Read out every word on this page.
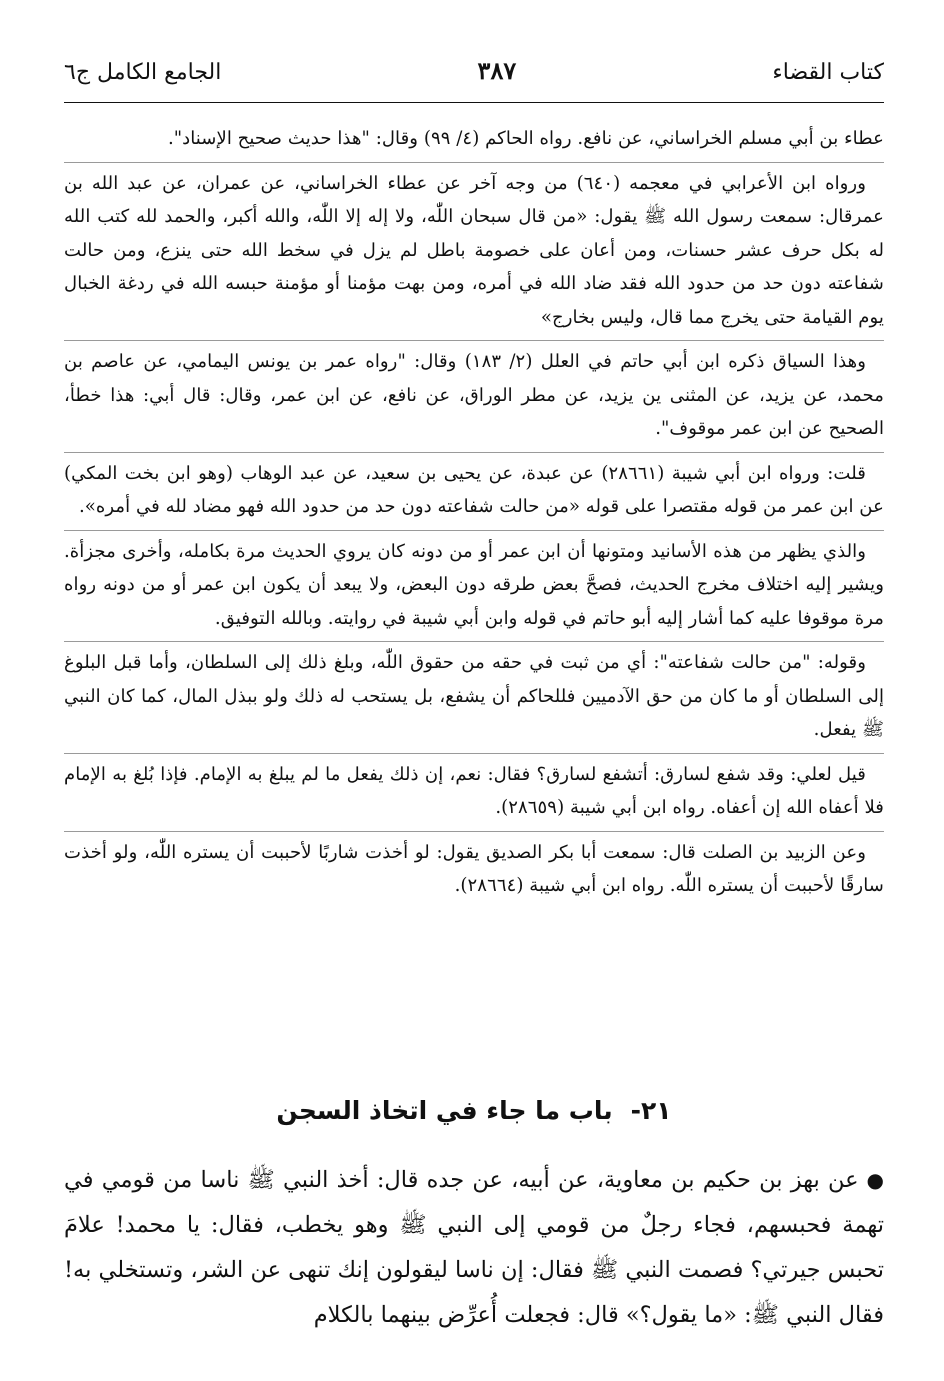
كتاب القضاء
٣٨٧
الجامع الكامل ج٦

عطاء بن أبي مسلم الخراساني، عن نافع. رواه الحاكم (٤/ ٩٩) وقال: "هذا حديث صحيح الإسناد".

ورواه ابن الأعرابي في معجمه (٦٤٠) من وجه آخر عن عطاء الخراساني، عن عمران، عن عبد الله بن عمرقال: سمعت رسول الله ﷺ يقول: «من قال سبحان اللّٰه، ولا إله إلا اللّٰه، والله أكبر، والحمد لله كتب الله له بكل حرف عشر حسنات، ومن أعان على خصومة باطل لم يزل في سخط الله حتى ينزع، ومن حالت شفاعته دون حد من حدود الله فقد ضاد الله في أمره، ومن بهت مؤمنا أو مؤمنة حبسه الله في ردغة الخبال يوم القيامة حتى يخرج مما قال، وليس بخارج»

وهذا السياق ذكره ابن أبي حاتم في العلل (٢/ ١٨٣) وقال: "رواه عمر بن يونس اليمامي، عن عاصم بن محمد، عن يزيد، عن المثنى ين يزيد، عن مطر الوراق، عن نافع، عن ابن عمر، وقال: قال أبي: هذا خطأ، الصحيح عن ابن عمر موقوف".

قلت: ورواه ابن أبي شيبة (٢٨٦٦١) عن عبدة، عن يحيى بن سعيد، عن عبد الوهاب (وهو ابن بخت المكي) عن ابن عمر من قوله مقتصرا على قوله «من حالت شفاعته دون حد من حدود الله فهو مضاد لله في أمره».

والذي يظهر من هذه الأسانيد ومتونها أن ابن عمر أو من دونه كان يروي الحديث مرة بكامله، وأخرى مجزأة. ويشير إليه اختلاف مخرج الحديث، فصحَّ بعض طرقه دون البعض، ولا يبعد أن يكون ابن عمر أو من دونه رواه مرة موقوفا عليه كما أشار إليه أبو حاتم في قوله وابن أبي شيبة في روايته. وبالله التوفيق.

وقوله: "من حالت شفاعته": أي من ثبت في حقه من حقوق اللّٰه، وبلغ ذلك إلى السلطان، وأما قبل البلوغ إلى السلطان أو ما كان من حق الآدميين فللحاكم أن يشفع، بل يستحب له ذلك ولو ببذل المال، كما كان النبي ﷺ يفعل.

قيل لعلي: وقد شفع لسارق: أتشفع لسارق؟ فقال: نعم، إن ذلك يفعل ما لم يبلغ به الإمام. فإذا بُلغ به الإمام فلا أعفاه الله إن أعفاه. رواه ابن أبي شيبة (٢٨٦٥٩).

وعن الزبيد بن الصلت قال: سمعت أبا بكر الصديق يقول: لو أخذت شاربًا لأحببت أن يستره اللّٰه، ولو أخذت سارقًا لأحببت أن يستره اللّٰه. رواه ابن أبي شيبة (٢٨٦٦٤).

٢١-باب ما جاء في اتخاذ السجن

●عن بهز بن حكيم بن معاوية، عن أبيه، عن جده قال: أخذ النبي ﷺ ناسا من قومي في تهمة فحبسهم، فجاء رجلٌ من قومي إلى النبي ﷺ وهو يخطب، فقال: يا محمد! علامَ تحبس جيرتي؟ فصمت النبي ﷺ فقال: إن ناسا ليقولون إنك تنهى عن الشر، وتستخلي به! فقال النبي ﷺ: «ما يقول؟» قال: فجعلت أُعرِّض بينهما بالكلام
